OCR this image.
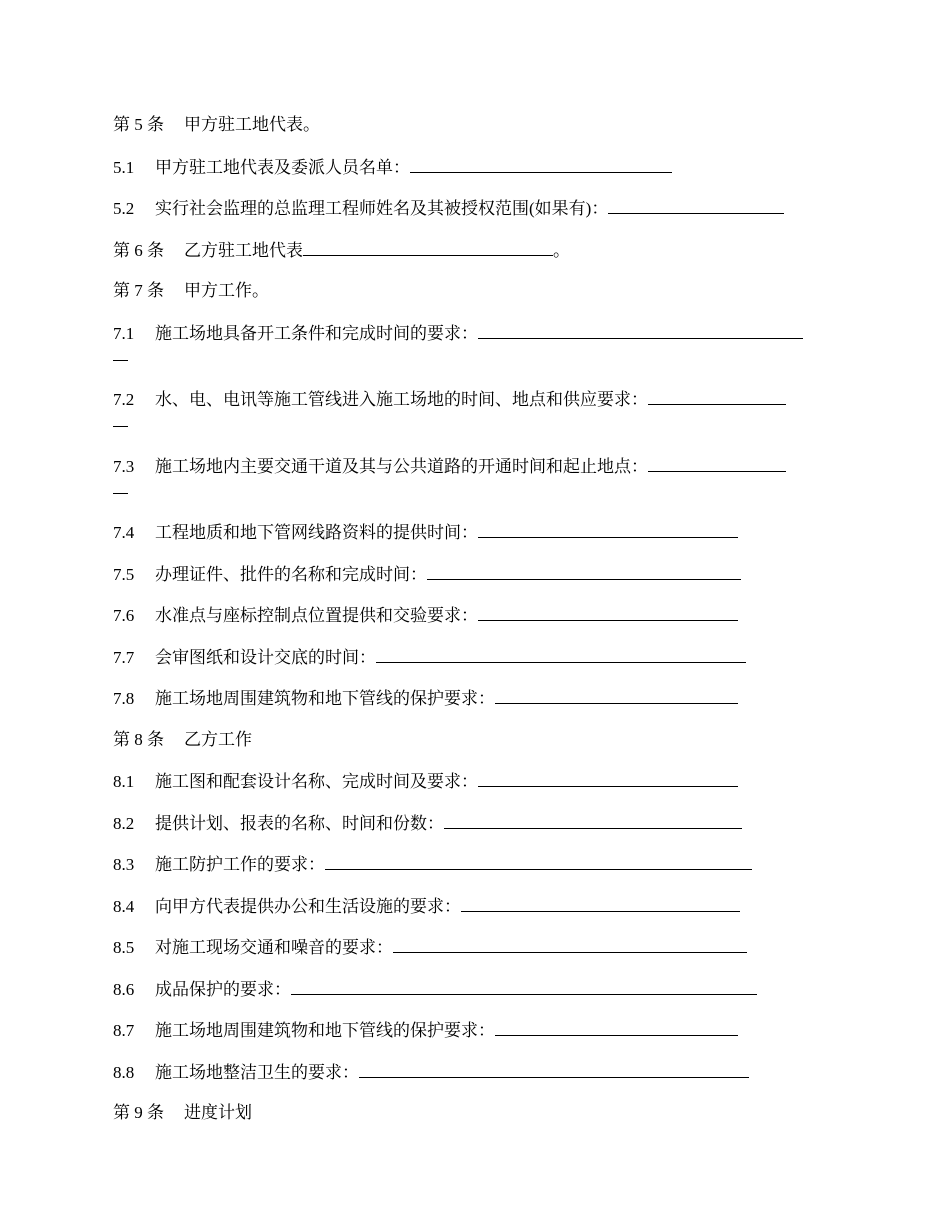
第 5 条 甲方驻工地代表。
5.1 甲方驻工地代表及委派人员名单：
5.2 实行社会监理的总监理工程师姓名及其被授权范围(如果有)：
第 6 条 乙方驻工地代表	。
第 7 条 甲方工作。
7.1 施工场地具备开工条件和完成时间的要求：
7.2 水、电、电讯等施工管线进入施工场地的时间、地点和供应要求：
7.3 施工场地内主要交通干道及其与公共道路的开通时间和起止地点：
7.4 工程地质和地下管网线路资料的提供时间：
7.5 办理证件、批件的名称和完成时间：
7.6 水准点与座标控制点位置提供和交验要求：
7.7 会审图纸和设计交底的时间：
7.8 施工场地周围建筑物和地下管线的保护要求：
第 8 条 乙方工作
8.1 施工图和配套设计名称、完成时间及要求：
8.2 提供计划、报表的名称、时间和份数：
8.3 施工防护工作的要求：
8.4 向甲方代表提供办公和生活设施的要求：
8.5 对施工现场交通和噪音的要求：
8.6 成品保护的要求：
8.7 施工场地周围建筑物和地下管线的保护要求：
8.8 施工场地整洁卫生的要求：
第 9 条 进度计划
